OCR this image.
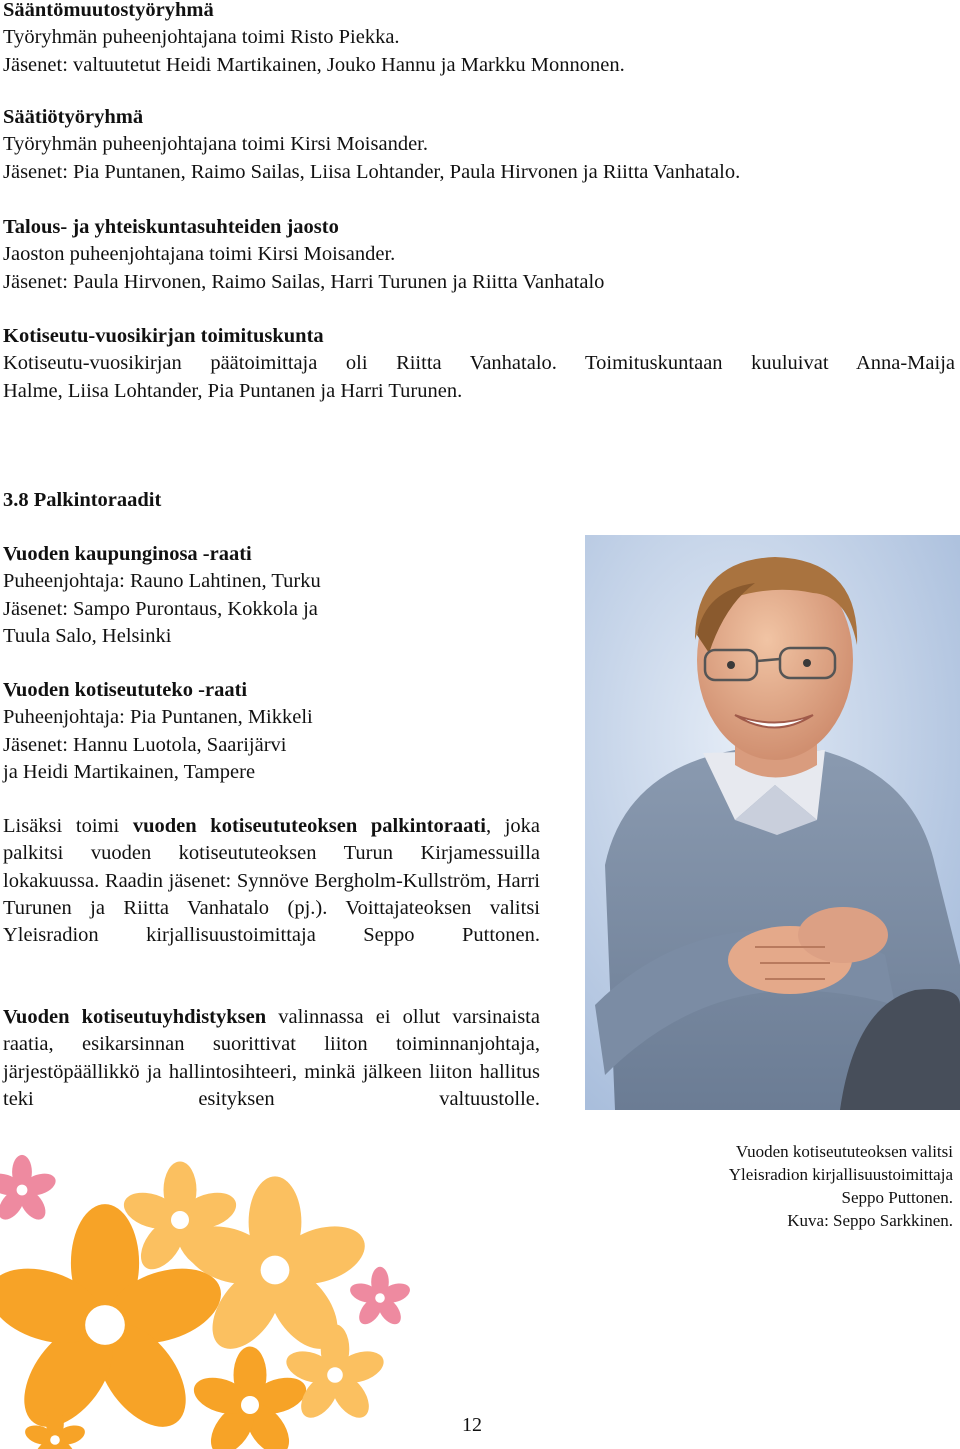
Sääntömuutostyöryhmä

Työryhmän puheenjohtajana toimi Risto Piekka.

Jäsenet: valtuutetut Heidi Martikainen, Jouko Hannu ja Markku Monnonen.

Säätiötyöryhmä

Työryhmän puheenjohtajana toimi Kirsi Moisander.

Jäsenet: Pia Puntanen, Raimo Sailas, Liisa Lohtander, Paula Hirvonen ja Riitta Vanhatalo.

Talous- ja yhteiskuntasuhteiden jaosto

Jaoston puheenjohtajana toimi Kirsi Moisander.

Jäsenet: Paula Hirvonen, Raimo Sailas, Harri Turunen ja Riitta Vanhatalo

Kotiseutu-vuosikirjan toimituskunta

Kotiseutu-vuosikirjan päätoimittaja oli Riitta Vanhatalo. Toimituskuntaan kuuluivat Anna-Maija

Halme, Liisa Lohtander, Pia Puntanen ja Harri Turunen.

3.8 Palkintoraadit

Vuoden kaupunginosa -raati

Puheenjohtaja: Rauno Lahtinen, Turku

Jäsenet: Sampo Purontaus, Kokkola ja

Tuula Salo, Helsinki

Vuoden kotiseututeko -raati

Puheenjohtaja: Pia Puntanen, Mikkeli

Jäsenet: Hannu Luotola, Saarijärvi

ja Heidi Martikainen, Tampere

Lisäksi toimi vuoden kotiseututeoksen palkintoraati, joka palkitsi vuoden kotiseututeoksen Turun Kirjamessuilla lokakuussa. Raadin jäsenet: Synnöve Bergholm-Kullström, Harri Turunen ja Riitta Vanhatalo (pj.). Voittajateoksen valitsi Yleisradion kirjallisuustoimittaja Seppo Puttonen.

Vuoden kotiseutuyhdistyksen valinnassa ei ollut varsinaista raatia, esikarsinnan suorittivat liiton toiminnanjohtaja, järjestöpäällikkö ja hallintosihteeri, minkä jälkeen liiton hallitus teki esityksen valtuustolle.

Vuoden kotiseututeoksen valitsi

Yleisradion kirjallisuustoimittaja

Seppo Puttonen.

Kuva: Seppo Sarkkinen.

12
